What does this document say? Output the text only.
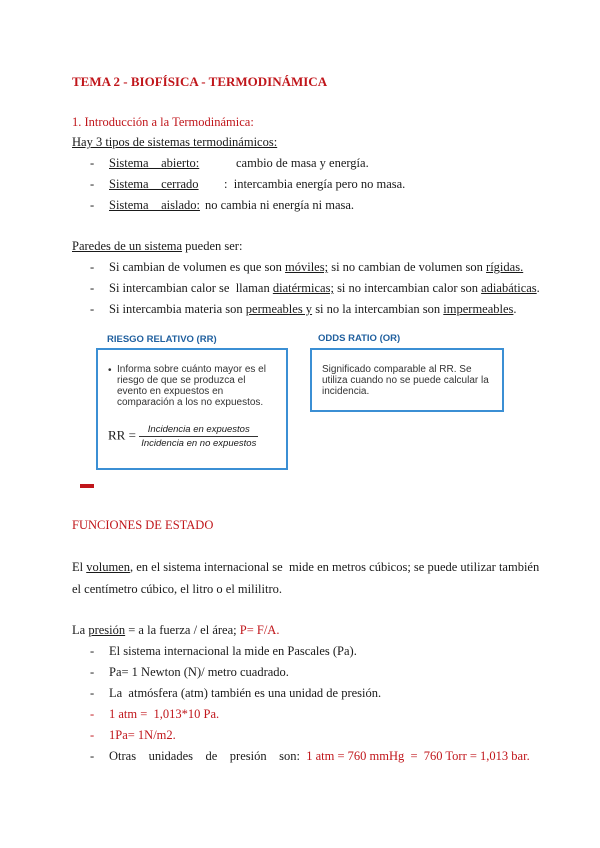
TEMA 2 - BIOFÍSICA - TERMODINÁMICA
1. Introducción a la Termodinámica:
Hay 3 tipos de sistemas termodinámicos:
- Sistema    abierto:	cambio de masa y energía.
- Sistema    cerrado :  intercambia energía pero no masa.
- Sistema    aislado: no cambia ni energía ni masa.
Paredes de un sistema pueden ser:
- Si cambian de volumen es que son móviles; si no cambian de volumen son rígidas.
- Si intercambian calor se  llaman diatérmicas; si no intercambian calor son adiabáticas.
- Si intercambia materia son permeables y si no la intercambian son impermeables.
RIESGO RELATIVO (RR)
• Informa sobre cuánto mayor es el riesgo de que se produzca el evento en expuestos en comparación a los no expuestos.
RR = $\frac{\text{Incidencia en expuestos}}{\text{Incidencia en no expuestos}}$
ODDS RATIO (OR)
Significado comparable al RR. Se utiliza cuando no se puede calcular la incidencia.
FUNCIONES DE ESTADO
El volumen, en el sistema internacional se  mide en metros cúbicos; se puede utilizar también
el centímetro cúbico, el litro o el mililitro.
La presión = a la fuerza / el área; P= F/A.
- El sistema internacional la mide en Pascales (Pa).
- Pa= 1 Newton (N)/ metro cuadrado.
- La  atmósfera (atm) también es una unidad de presión.
- 1 atm =  1,013*10 Pa.
- 1Pa= 1N/m2.
- Otras    unidades    de    presión    son: 1 atm = 760 mmHg  =  760 Torr = 1,013 bar.
